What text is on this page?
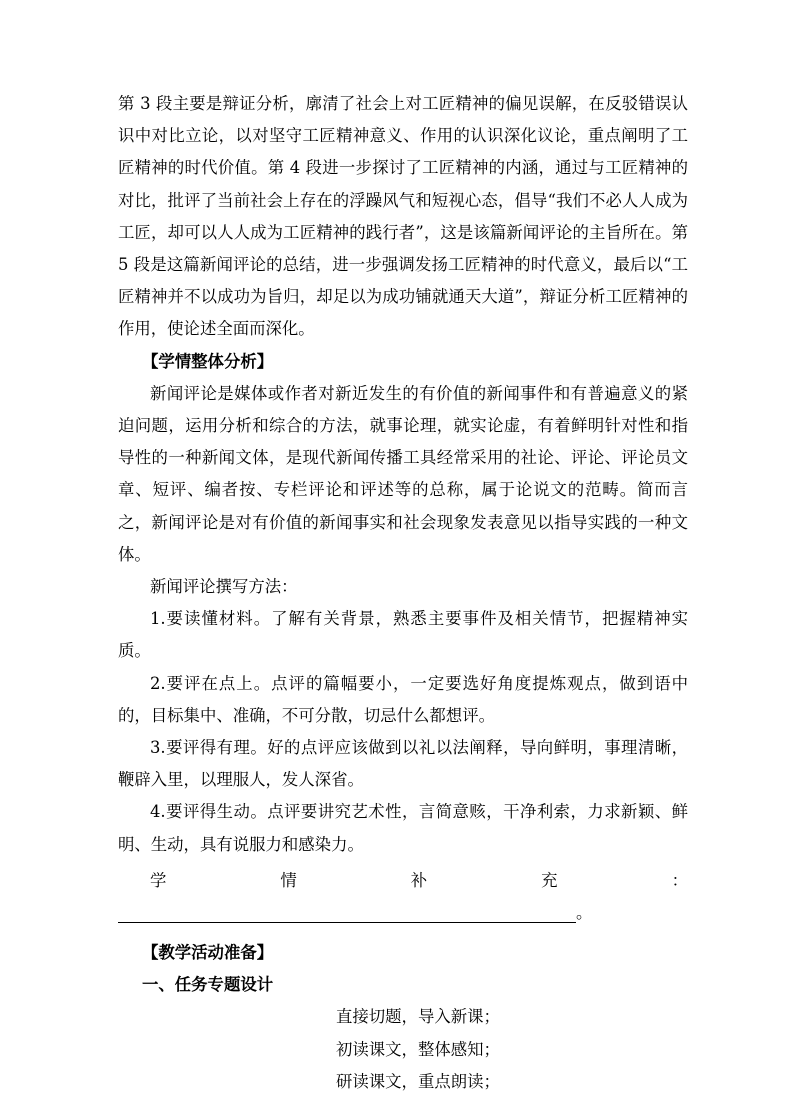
第 3 段主要是辩证分析，廓清了社会上对工匠精神的偏见误解，在反驳错误认识中对比立论，以对坚守工匠精神意义、作用的认识深化议论，重点阐明了工匠精神的时代价值。第 4 段进一步探讨了工匠精神的内涵，通过与工匠精神的对比，批评了当前社会上存在的浮躁风气和短视心态，倡导“我们不必人人成为工匠，却可以人人成为工匠精神的践行者”，这是该篇新闻评论的主旨所在。第 5 段是这篇新闻评论的总结，进一步强调发扬工匠精神的时代意义，最后以“工匠精神并不以成功为旨归，却足以为成功铺就通天大道”，辩证分析工匠精神的作用，使论述全面而深化。

【学情整体分析】

新闻评论是媒体或作者对新近发生的有价值的新闻事件和有普遍意义的紧迫问题，运用分析和综合的方法，就事论理，就实论虚，有着鲜明针对性和指导性的一种新闻文体，是现代新闻传播工具经常采用的社论、评论、评论员文章、短评、编者按、专栏评论和评述等的总称，属于论说文的范畴。简而言之，新闻评论是对有价值的新闻事实和社会现象发表意见以指导实践的一种文体。

新闻评论撰写方法：

1.要读懂材料。了解有关背景，熟悉主要事件及相关情节，把握精神实质。

2.要评在点上。点评的篇幅要小，一定要选好角度提炼观点，做到语中的，目标集中、准确，不可分散，切忌什么都想评。

3.要评得有理。好的点评应该做到以礼以法阐释，导向鲜明，事理清晰，鞭辟入里，以理服人，发人深省。

4.要评得生动。点评要讲究艺术性，言简意赅，干净利索，力求新颖、鲜明、生动，具有说服力和感染力。

学	情	补	充	：
。

【教学活动准备】

一、任务专题设计

直接切题，导入新课；
初读课文，整体感知；
研读课文，重点朗读；
